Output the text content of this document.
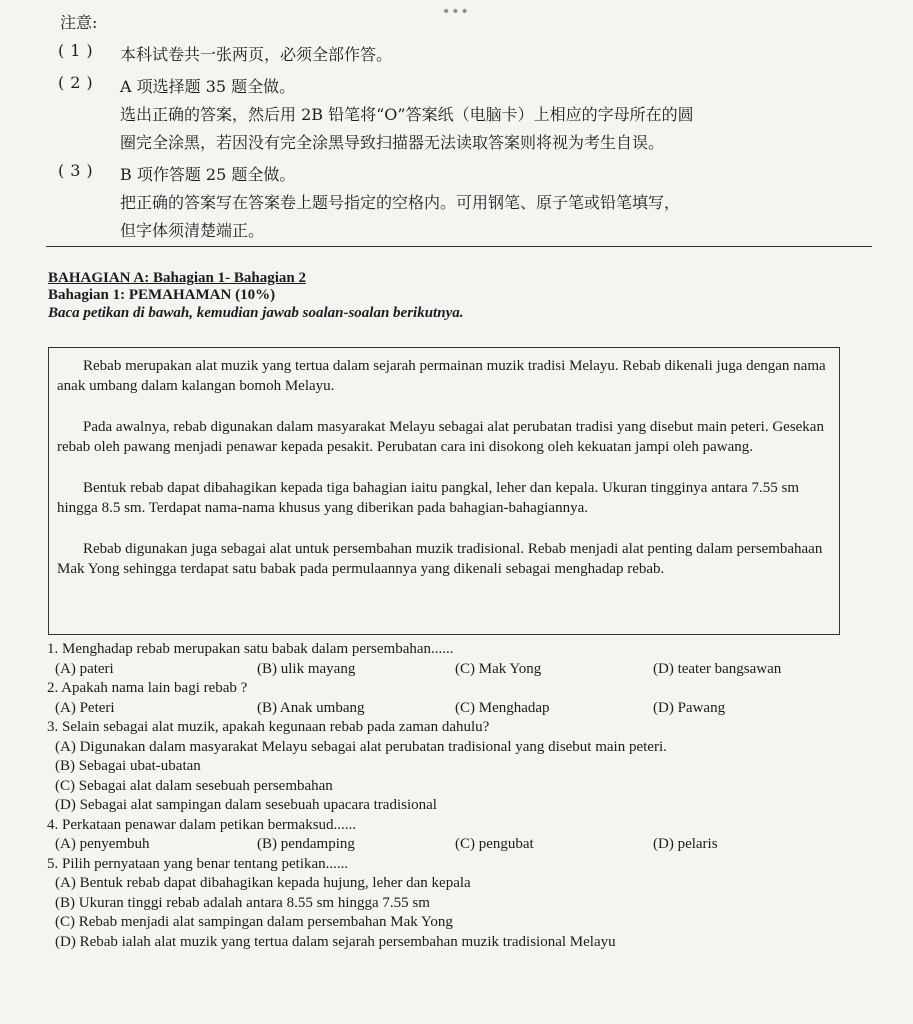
•••
注意:
(1)	本科试卷共一张两页，必须全部作答。
(2)	A 项选择题 35 题全做。
选出正确的答案，然后用 2B 铅笔将“O”答案纸（电脑卡）上相应的字母所在的圆
圈完全涂黑，若因没有完全涂黑导致扫描器无法读取答案则将视为考生自误。
(3)	B 项作答题 25 题全做。
把正确的答案写在答案卷上题号指定的空格内。可用钢笔、原子笔或铅笔填写，
但字体须清楚端正。
BAHAGIAN A: Bahagian 1- Bahagian 2
Bahagian 1: PEMAHAMAN (10%)
Baca petikan di bawah, kemudian jawab soalan-soalan berikutnya.

Rebab merupakan alat muzik yang tertua dalam sejarah permainan muzik tradisi Melayu. Rebab dikenali juga dengan nama anak umbang dalam kalangan bomoh Melayu.

Pada awalnya, rebab digunakan dalam masyarakat Melayu sebagai alat perubatan tradisi yang disebut main peteri. Gesekan rebab oleh pawang menjadi penawar kepada pesakit. Perubatan cara ini disokong oleh kekuatan jampi oleh pawang.

Bentuk rebab dapat dibahagikan kepada tiga bahagian iaitu pangkal, leher dan kepala. Ukuran tingginya antara 7.55 sm hingga 8.5 sm. Terdapat nama-nama khusus yang diberikan pada bahagian-bahagiannya.

Rebab digunakan juga sebagai alat untuk persembahan muzik tradisional. Rebab menjadi alat penting dalam persembahaan Mak Yong sehingga terdapat satu babak pada permulaannya yang dikenali sebagai menghadap rebab.

1. Menghadap rebab merupakan satu babak dalam persembahan......
(A) pateri	(B) ulik mayang	(C) Mak Yong	(D) teater bangsawan
2. Apakah nama lain bagi rebab ?
(A) Peteri	(B) Anak umbang	(C) Menghadap	(D) Pawang
3. Selain sebagai alat muzik, apakah kegunaan rebab pada zaman dahulu?
(A) Digunakan dalam masyarakat Melayu sebagai alat perubatan tradisional yang disebut main peteri.
(B) Sebagai ubat-ubatan
(C) Sebagai alat dalam sesebuah persembahan
(D) Sebagai alat sampingan dalam sesebuah upacara tradisional
4. Perkataan penawar dalam petikan bermaksud......
(A) penyembuh	(B) pendamping	(C) pengubat	(D) pelaris
5. Pilih pernyataan yang benar tentang petikan......
(A) Bentuk rebab dapat dibahagikan kepada hujung, leher dan kepala
(B) Ukuran tinggi rebab adalah antara 8.55 sm hingga 7.55 sm
(C) Rebab menjadi alat sampingan dalam persembahan Mak Yong
(D) Rebab ialah alat muzik yang tertua dalam sejarah persembahan muzik tradisional Melayu
